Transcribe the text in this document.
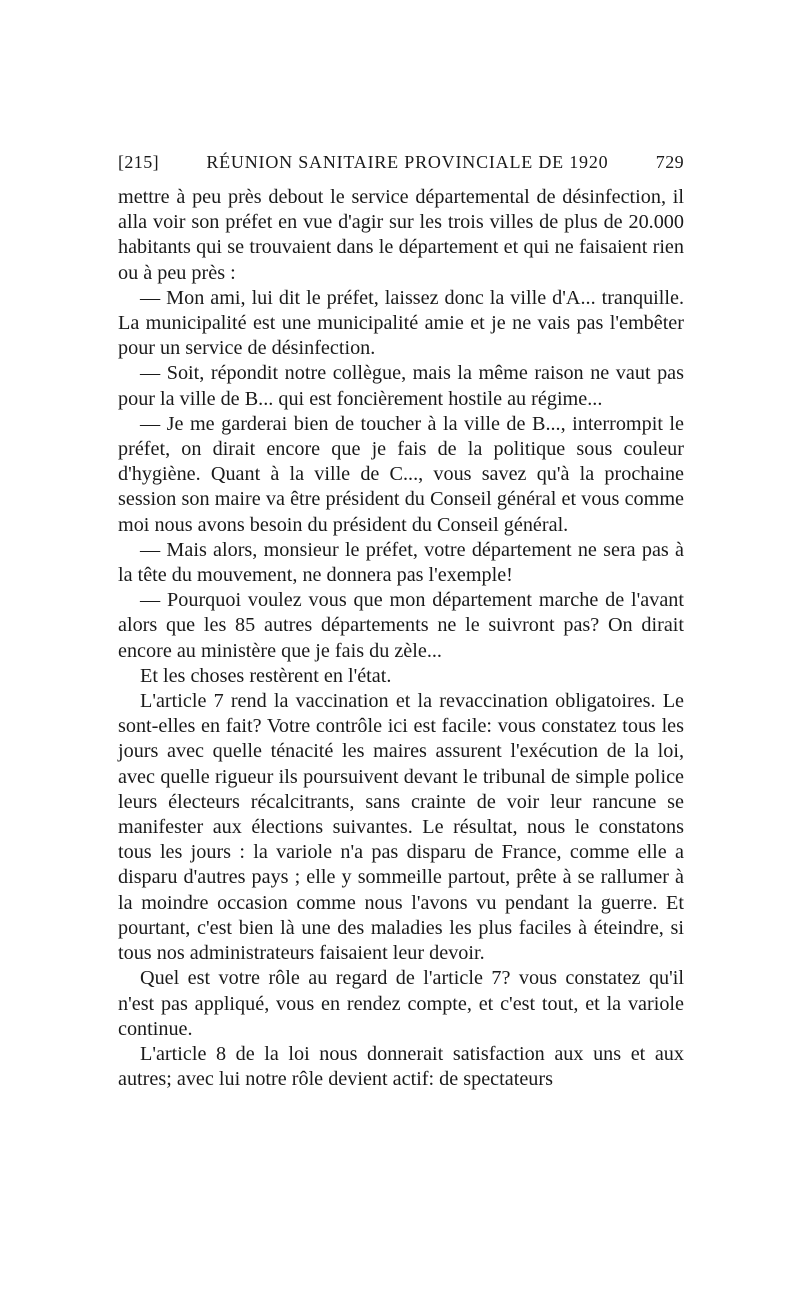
[215]	RÉUNION SANITAIRE PROVINCIALE DE 1920	729

mettre à peu près debout le service départemental de désinfection, il alla voir son préfet en vue d'agir sur les trois villes de plus de 20.000 habitants qui se trouvaient dans le département et qui ne faisaient rien ou à peu près :

— Mon ami, lui dit le préfet, laissez donc la ville d'A... tranquille. La municipalité est une municipalité amie et je ne vais pas l'embêter pour un service de désinfection.

— Soit, répondit notre collègue, mais la même raison ne vaut pas pour la ville de B... qui est foncièrement hostile au régime...

— Je me garderai bien de toucher à la ville de B..., interrompit le préfet, on dirait encore que je fais de la politique sous couleur d'hygiène. Quant à la ville de C..., vous savez qu'à la prochaine session son maire va être président du Conseil général et vous comme moi nous avons besoin du président du Conseil général.

— Mais alors, monsieur le préfet, votre département ne sera pas à la tête du mouvement, ne donnera pas l'exemple!

— Pourquoi voulez vous que mon département marche de l'avant alors que les 85 autres départements ne le suivront pas? On dirait encore au ministère que je fais du zèle...

Et les choses restèrent en l'état.

L'article 7 rend la vaccination et la revaccination obligatoires. Le sont-elles en fait? Votre contrôle ici est facile: vous constatez tous les jours avec quelle ténacité les maires assurent l'exécution de la loi, avec quelle rigueur ils poursuivent devant le tribunal de simple police leurs électeurs récalcitrants, sans crainte de voir leur rancune se manifester aux élections suivantes. Le résultat, nous le constatons tous les jours : la variole n'a pas disparu de France, comme elle a disparu d'autres pays ; elle y sommeille partout, prête à se rallumer à la moindre occasion comme nous l'avons vu pendant la guerre. Et pourtant, c'est bien là une des maladies les plus faciles à éteindre, si tous nos administrateurs faisaient leur devoir.

Quel est votre rôle au regard de l'article 7? vous constatez qu'il n'est pas appliqué, vous en rendez compte, et c'est tout, et la variole continue.

L'article 8 de la loi nous donnerait satisfaction aux uns et aux autres; avec lui notre rôle devient actif: de spectateurs
